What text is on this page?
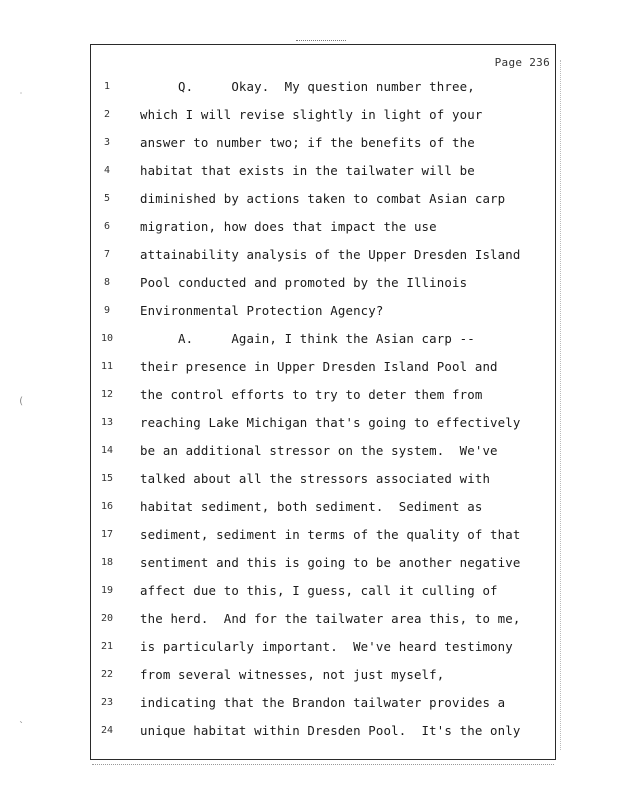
Page 236

1

	Q.     Okay.  My question number three,

2

	which I will revise slightly in light of your

3

	answer to number two; if the benefits of the

4

	habitat that exists in the tailwater will be

5

	diminished by actions taken to combat Asian carp

6

	migration, how does that impact the use

7

	attainability analysis of the Upper Dresden Island

8

	Pool conducted and promoted by the Illinois

9

	Environmental Protection Agency?

10

	A.     Again, I think the Asian carp --

11

	their presence in Upper Dresden Island Pool and

12

	the control efforts to try to deter them from

13

	reaching Lake Michigan that's going to effectively

14

	be an additional stressor on the system.  We've

15

	talked about all the stressors associated with

16

	habitat sediment, both sediment.  Sediment as

17

	sediment, sediment in terms of the quality of that

18

	sentiment and this is going to be another negative

19

	affect due to this, I guess, call it culling of

20

	the herd.  And for the tailwater area this, to me,

21

	is particularly important.  We've heard testimony

22

	from several witnesses, not just myself,

23

	indicating that the Brandon tailwater provides a

24

	unique habitat within Dresden Pool.  It's the only

˙
(
ˎ
